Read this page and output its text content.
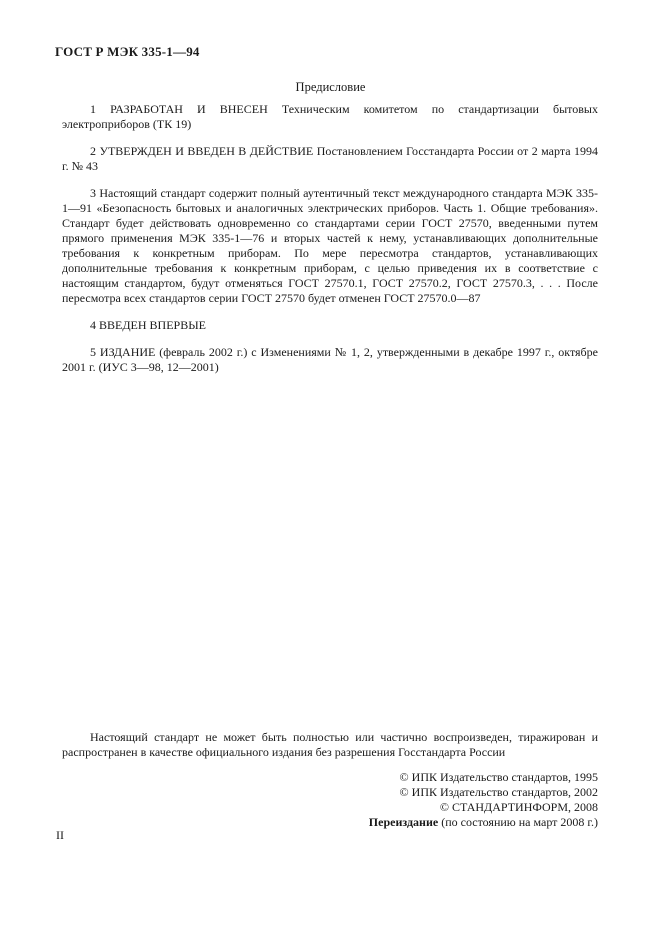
ГОСТ Р МЭК 335-1—94
Предисловие

1 РАЗРАБОТАН И ВНЕСЕН Техническим комитетом по стандартизации бытовых электроприборов (ТК 19)

2 УТВЕРЖДЕН И ВВЕДЕН В ДЕЙСТВИЕ Постановлением Госстандарта России от 2 марта 1994 г. № 43

3 Настоящий стандарт содержит полный аутентичный текст международного стандарта МЭК 335-1—91 «Безопасность бытовых и аналогичных электрических приборов. Часть 1. Общие требования». Стандарт будет действовать одновременно со стандартами серии ГОСТ 27570, введенными путем прямого применения МЭК 335-1—76 и вторых частей к нему, устанавливающих дополнительные требования к конкретным приборам. По мере пересмотра стандартов, устанавливающих дополнительные требования к конкретным приборам, с целью приведения их в соответствие с настоящим стандартом, будут отменяться ГОСТ 27570.1, ГОСТ 27570.2, ГОСТ 27570.3, . . . После пересмотра всех стандартов серии ГОСТ 27570 будет отменен ГОСТ 27570.0—87

4 ВВЕДЕН ВПЕРВЫЕ

5 ИЗДАНИЕ (февраль 2002 г.) с Изменениями № 1, 2, утвержденными в декабре 1997 г., октябре 2001 г. (ИУС 3—98, 12—2001)

Настоящий стандарт не может быть полностью или частично воспроизведен, тиражирован и распространен в качестве официального издания без разрешения Госстандарта России

© ИПК Издательство стандартов, 1995
© ИПК Издательство стандартов, 2002
© СТАНДАРТИНФОРМ, 2008
Переиздание (по состоянию на март 2008 г.)
II
